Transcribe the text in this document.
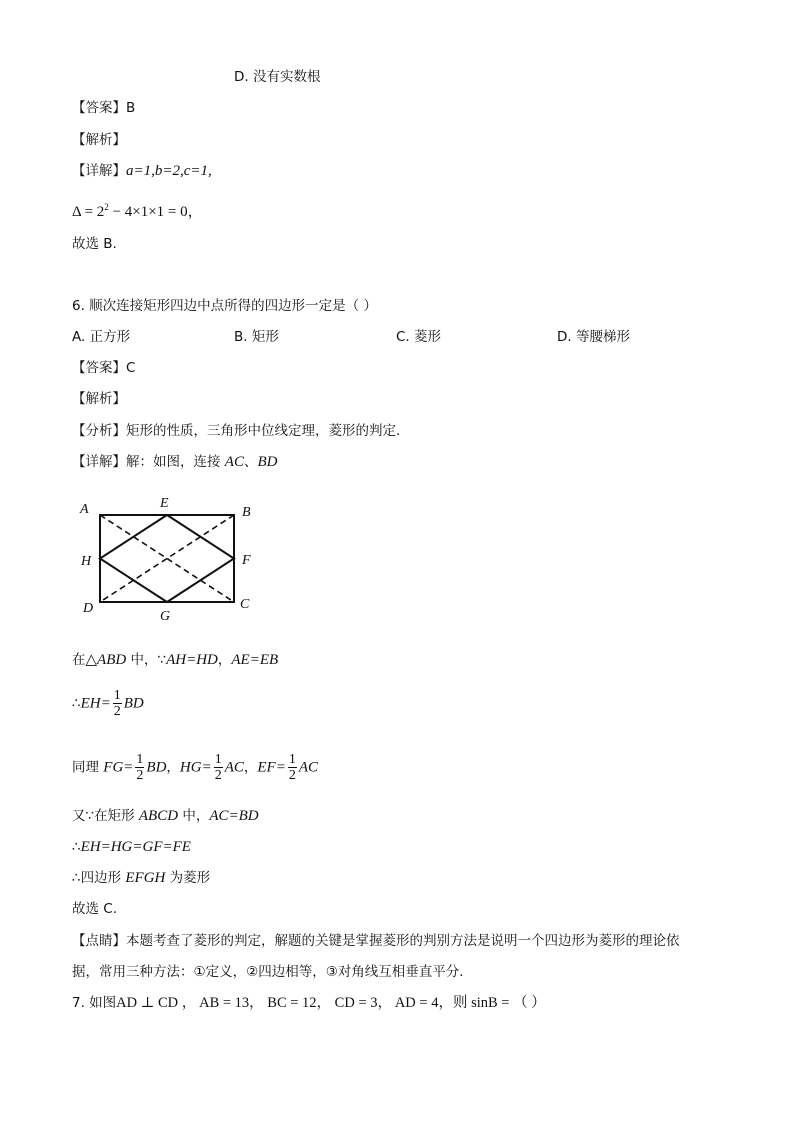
D. 没有实数根
【答案】B
【解析】
【详解】a=1,b=2,c=1,
$\Delta = 2^2 - 4\times 1\times 1 = 0$，
故选 B.
6. 顺次连接矩形四边中点所得的四边形一定是（ ）
A. 正方形	B. 矩形	C. 菱形	D. 等腰梯形
【答案】C
【解析】
【分析】矩形的性质，三角形中位线定理，菱形的判定.
【详解】解：如图，连接 AC、BD
A	E
B
H	F
D
G
C
在△ABD 中，∵AH=HD，AE=EB
∴EH= $\frac{1}{2}$ BD
同理 $FG= \frac{1}{2}$ BD，$HG= \frac{1}{2}$ AC，$EF= \frac{1}{2}$ AC
又∵在矩形 ABCD 中，AC=BD
∴EH=HG=GF=FE
∴四边形 EFGH 为菱形
故选 C.
【点睛】本题考查了菱形的判定，解题的关键是掌握菱形的判别方法是说明一个四边形为菱形的理论依
据，常用三种方法：①定义，②四边相等，③对角线互相垂直平分.
7. 如图AD ⊥ CD ， AB = 13， BC = 12， CD = 3， AD = 4，则 sinB = （ ）
